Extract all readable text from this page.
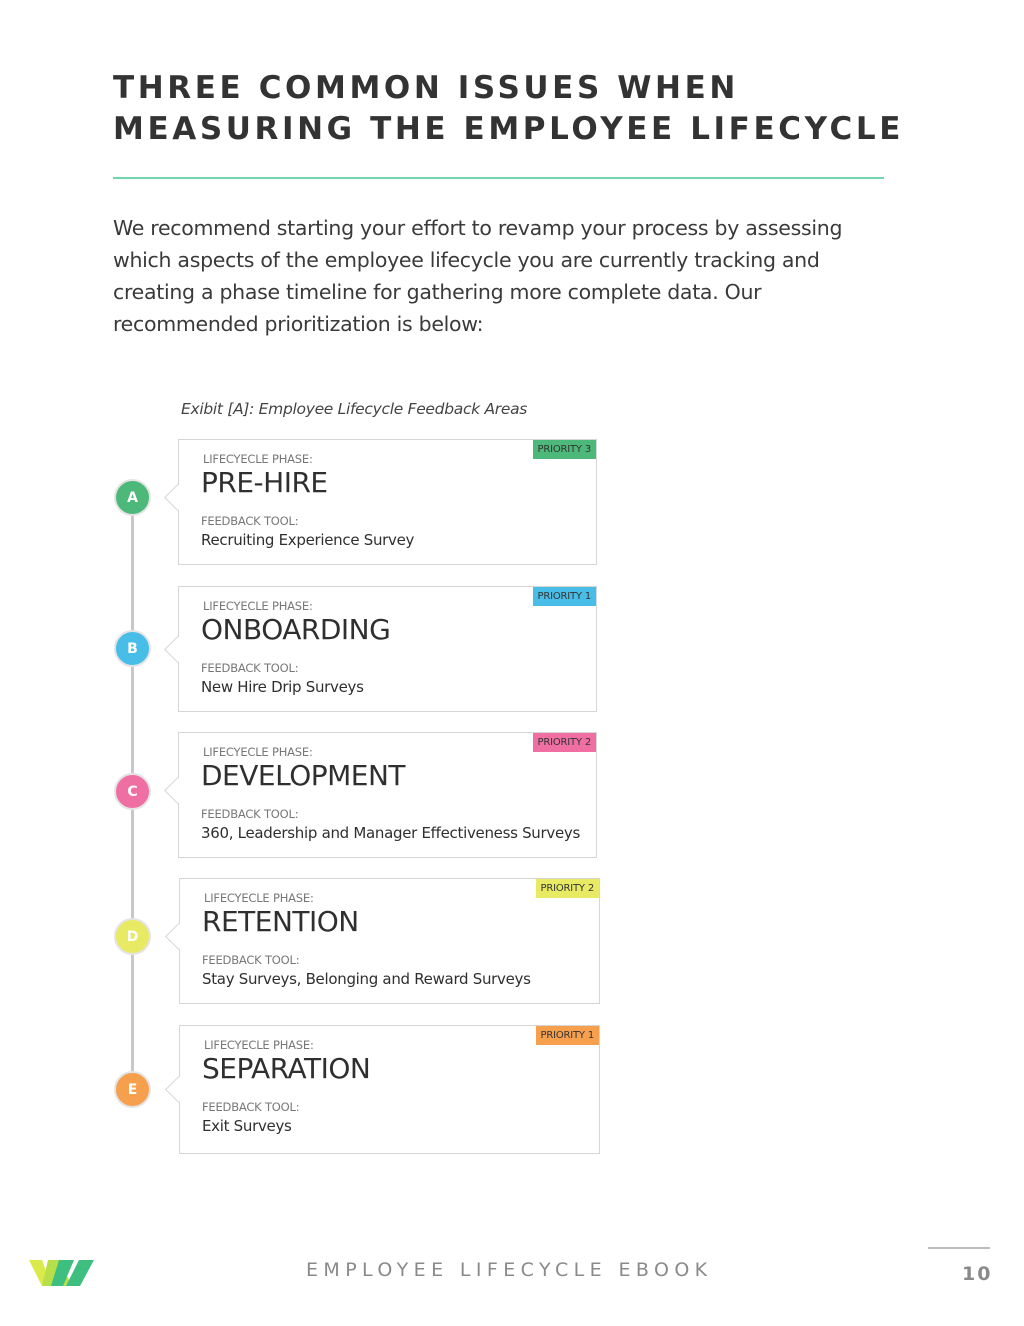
THREE COMMON ISSUES WHEN
MEASURING THE EMPLOYEE LIFECYCLE
We recommend starting your effort to revamp your process by assessing which aspects of the employee lifecycle you are currently tracking and creating a phase timeline for gathering more complete data. Our recommended prioritization is below:
Exibit [A]: Employee Lifecycle Feedback Areas
A
PRIORITY 3
LIFECYECLE PHASE:
PRE-HIRE
FEEDBACK TOOL:
Recruiting Experience Survey
B
PRIORITY 1
LIFECYECLE PHASE:
ONBOARDING
FEEDBACK TOOL:
New Hire Drip Surveys
C
PRIORITY 2
LIFECYECLE PHASE:
DEVELOPMENT
FEEDBACK TOOL:
360, Leadership and Manager Effectiveness Surveys
D
PRIORITY 2
LIFECYECLE PHASE:
RETENTION
FEEDBACK TOOL:
Stay Surveys, Belonging and Reward Surveys
E
PRIORITY 1
LIFECYECLE PHASE:
SEPARATION
FEEDBACK TOOL:
Exit Surveys
EMPLOYEE LIFECYCLE EBOOK	10
